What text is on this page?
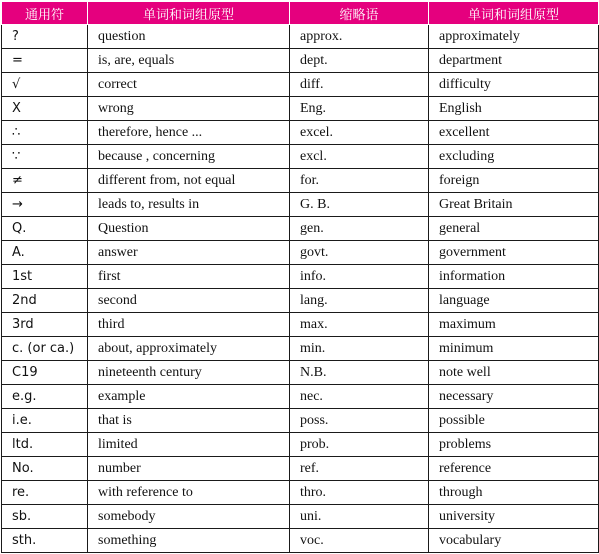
通用符	单词和词组原型	缩略语	单词和词组原型
?	question	approx.	approximately
=	is, are, equals	dept.	department
√	correct	diff.	difficulty
X	wrong	Eng.	English
∴	therefore, hence ...	excel.	excellent
∵	because , concerning	excl.	excluding
≠	different from, not equal	for.	foreign
→	leads to, results in	G. B.	Great Britain
Q.	Question	gen.	general
A.	answer	govt.	government
1st	first	info.	information
2nd	second	lang.	language
3rd	third	max.	maximum
c. (or ca.)	about, approximately	min.	minimum
C19	nineteenth century	N.B.	note well
e.g.	example	nec.	necessary
i.e.	that is	poss.	possible
ltd.	limited	prob.	problems
No.	number	ref.	reference
re.	with reference to	thro.	through
sb.	somebody	uni.	university
sth.	something	voc.	vocabulary
